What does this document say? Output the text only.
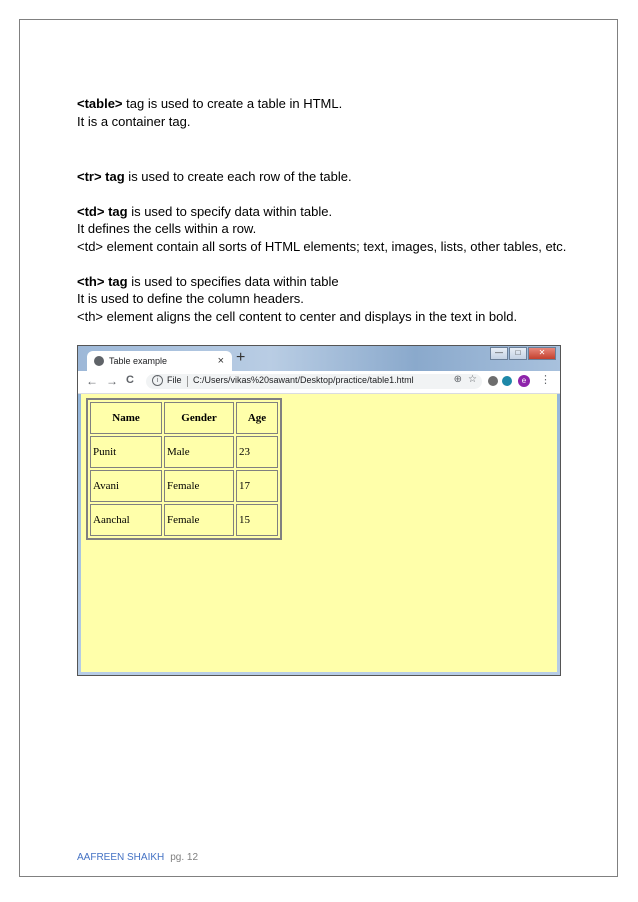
<table> tag is used to create a table in HTML.

It is a container tag.

<tr> tag is used to create each row of the table.

<td> tag is used to specify data within table.

It defines the cells within a row.

<td> element contain all sorts of HTML elements; text, images, lists, other tables, etc.

<th> tag is used to specifies data within table

It is used to define the column headers.

<th> element aligns the cell content to center and displays in the text in bold.

Table example	× +	—	□	✕
← → C	i File C:/Users/vikas%20sawant/Desktop/practice/table1.html	⊕ ☆	e	⋮
Name	Gender	Age
Punit	Male	23
Avani	Female	17
Aanchal	Female	15
AAFREEN SHAIKH pg. 12
